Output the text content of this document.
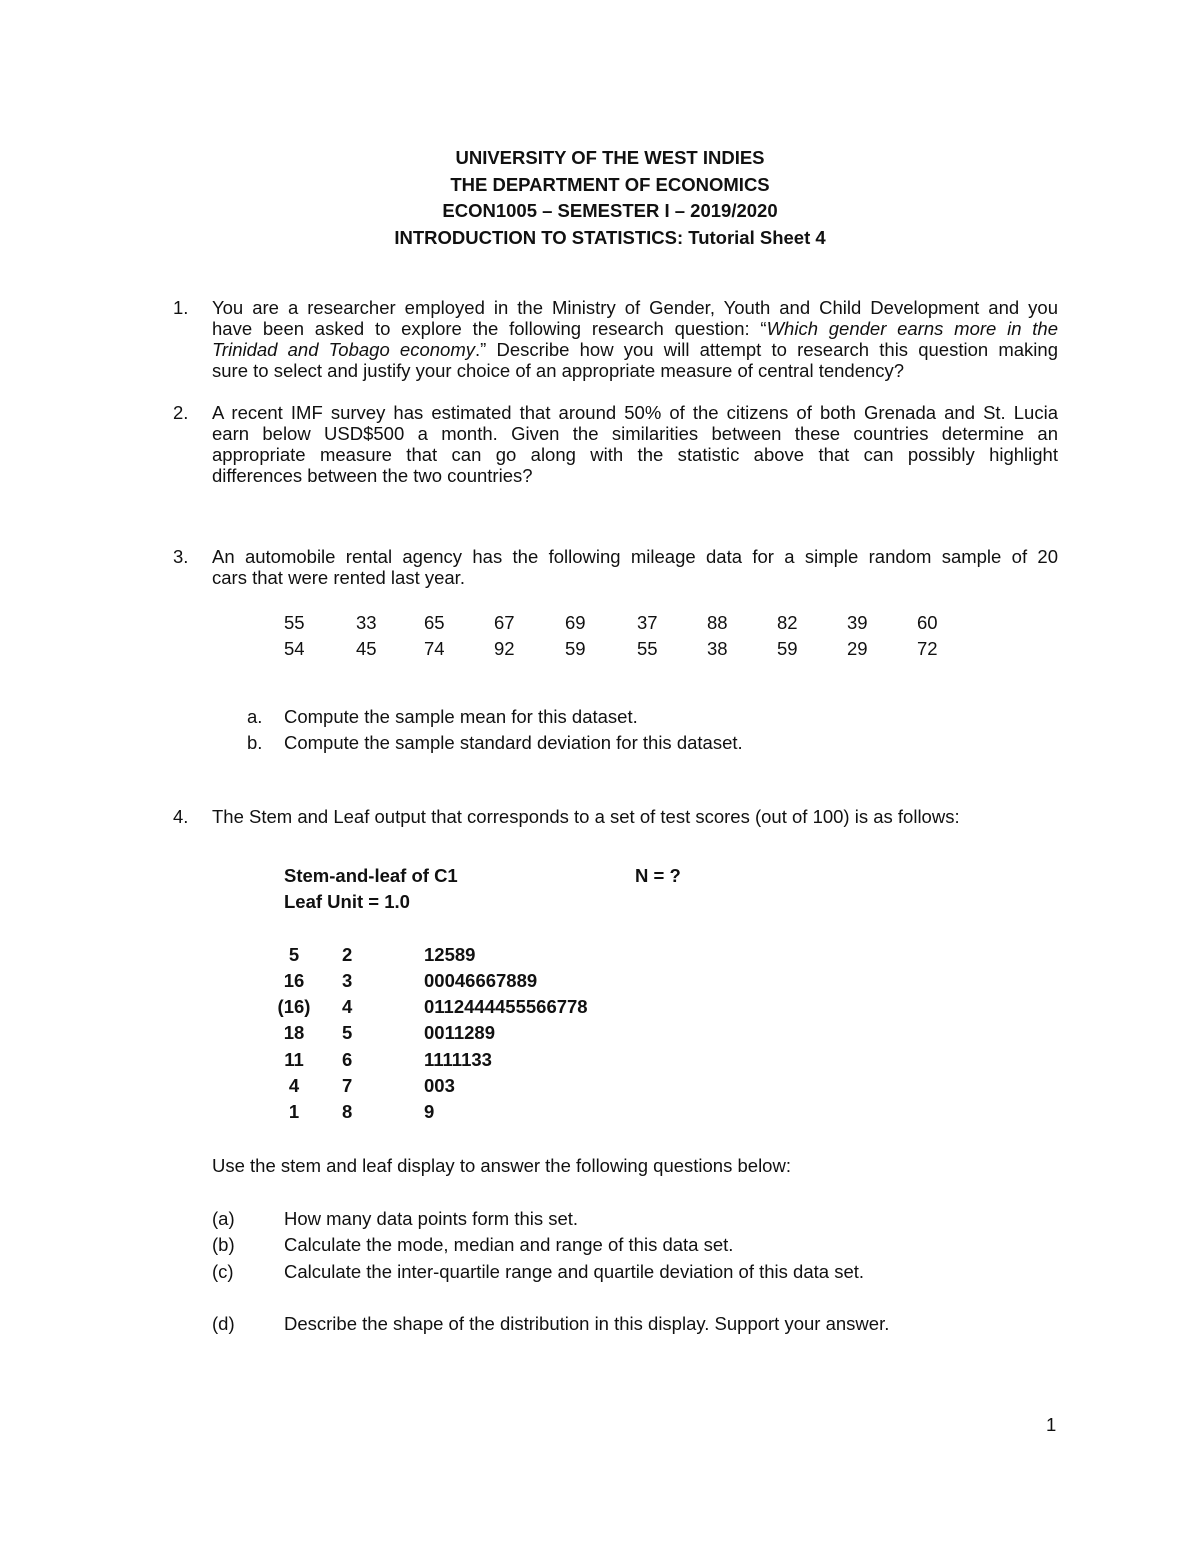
UNIVERSITY OF THE WEST INDIES
THE DEPARTMENT OF ECONOMICS
ECON1005 – SEMESTER I – 2019/2020
INTRODUCTION TO STATISTICS: Tutorial Sheet 4
1. You are a researcher employed in the Ministry of Gender, Youth and Child Development and you
have been asked to explore the following research question: “Which gender earns more in the
Trinidad and Tobago economy.” Describe how you will attempt to research this question making
sure to select and justify your choice of an appropriate measure of central tendency?
2. A recent IMF survey has estimated that around 50% of the citizens of both Grenada and St. Lucia
earn below USD$500 a month. Given the similarities between these countries determine an
appropriate measure that can go along with the statistic above that can possibly highlight
differences between the two countries?
3. An automobile rental agency has the following mileage data for a simple random sample of 20
cars that were rented last year.
55	33	65	67	69	37	88	82	39	60
54	45	74	92	59	55	38	59	29	72
a. Compute the sample mean for this dataset.
b. Compute the sample standard deviation for this dataset.
4. The Stem and Leaf output that corresponds to a set of test scores (out of 100) is as follows:
Stem-and-leaf of C1	N = ?
Leaf Unit = 1.0
5	2	12589
16	3	00046667889
(16)	4	0112444455566778
18	5	0011289
11	6	1111133
4	7	003
1	8	9
Use the stem and leaf display to answer the following questions below:
(a)	How many data points form this set.
(b)	Calculate the mode, median and range of this data set.
(c)	Calculate the inter-quartile range and quartile deviation of this data set.
(d)	Describe the shape of the distribution in this display. Support your answer.
1
